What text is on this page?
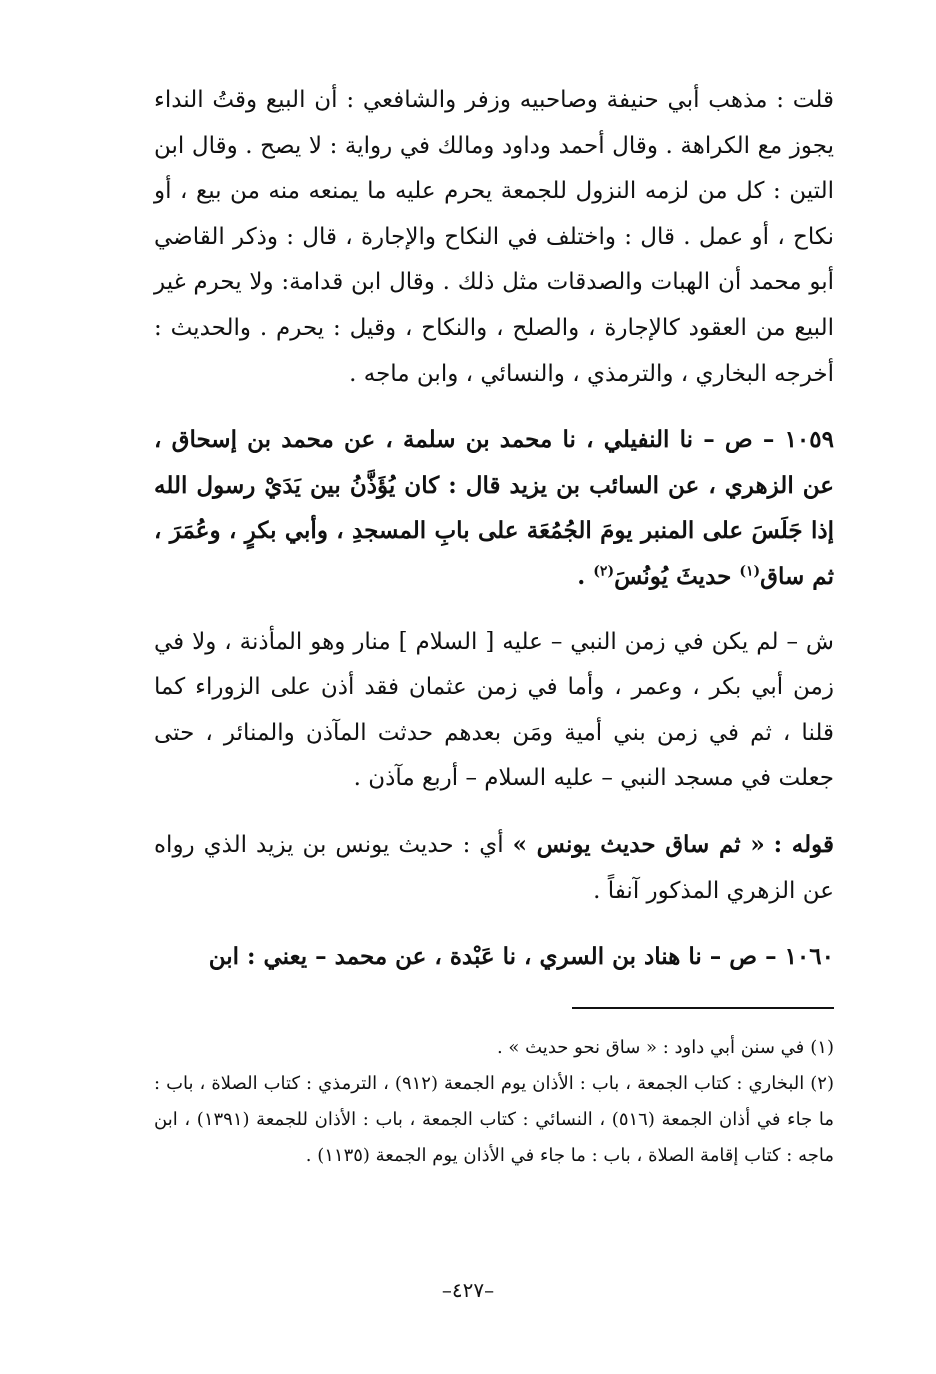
قلت : مذهب أبي حنيفة وصاحبيه وزفر والشافعي : أن البيع وقتُ النداء يجوز مع الكراهة . وقال أحمد وداود ومالك في رواية : لا يصح . وقال ابن التين : كل من لزمه النزول للجمعة يحرم عليه ما يمنعه منه من بيع ، أو نكاح ، أو عمل . قال : واختلف في النكاح والإجارة ، قال : وذكر القاضي أبو محمد أن الهبات والصدقات مثل ذلك . وقال ابن قدامة: ولا يحرم غير البيع من العقود كالإجارة ، والصلح ، والنكاح ، وقيل : يحرم . والحديث : أخرجه البخاري ، والترمذي ، والنسائي ، وابن ماجه .

١٠٥٩ – ص – نا النفيلي ، نا محمد بن سلمة ، عن محمد بن إسحاق ، عن الزهري ، عن السائب بن يزيد قال : كان يُؤَذَّنُ بين يَدَيْ رسول الله إذا جَلَسَ على المنبر يومَ الجُمُعَة على بابِ المسجدِ ، وأبي بكرٍ ، وعُمَرَ ، ثم ساق$^{(١)}$ حديثَ يُونُسَ$^{(٢)}$ .

ش – لم يكن في زمن النبي – عليه [ السلام ] منار وهو المأذنة ، ولا في زمن أبي بكر ، وعمر ، وأما في زمن عثمان فقد أذن على الزوراء كما قلنا ، ثم في زمن بني أمية ومَن بعدهم حدثت المآذن والمنائر ، حتى جعلت في مسجد النبي – عليه السلام – أربع مآذن .

قوله : « ثم ساق حديث يونس » أي : حديث يونس بن يزيد الذي رواه عن الزهري المذكور آنفاً .

١٠٦٠ – ص – نا هناد بن السري ، نا عَبْدة ، عن محمد – يعني : ابن

(١)في سنن أبي داود : « ساق نحو حديث » .

(٢)البخاري : كتاب الجمعة ، باب : الأذان يوم الجمعة (٩١٢) ، الترمذي : كتاب الصلاة ، باب : ما جاء في أذان الجمعة (٥١٦) ، النسائي : كتاب الجمعة ، باب : الأذان للجمعة (١٣٩١) ، ابن ماجه : كتاب إقامة الصلاة ، باب : ما جاء في الأذان يوم الجمعة (١١٣٥) .

–٤٢٧–
